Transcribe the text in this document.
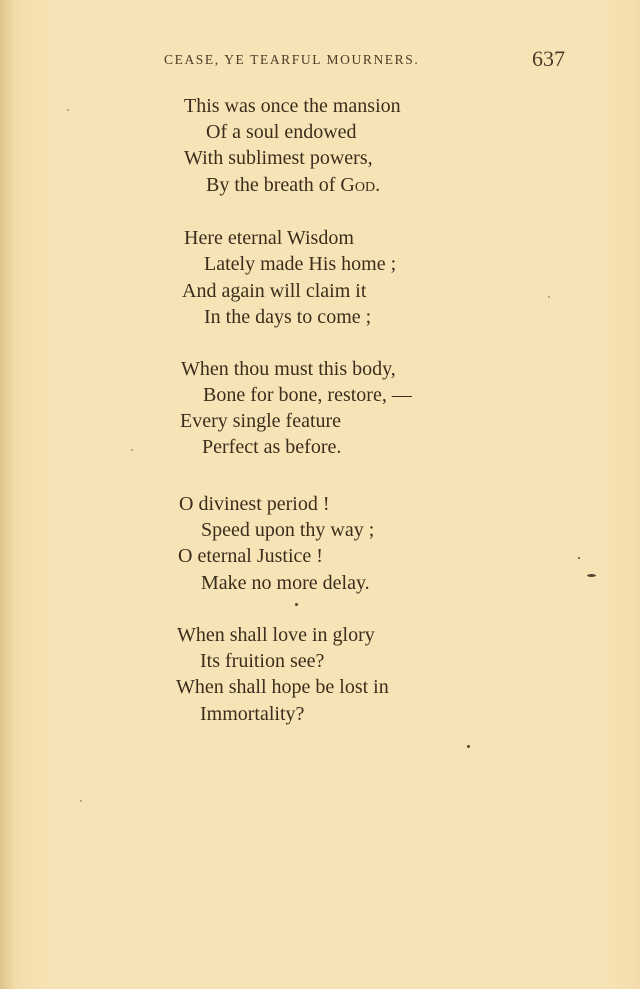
CEASE, YE TEARFUL MOURNERS.	637
This was once the mansion
Of a soul endowed
With sublimest powers,
By the breath of God.
Here eternal Wisdom
Lately made His home ;
And again will claim it
In the days to come ;
When thou must this body,
Bone for bone, restore, —
Every single feature
Perfect as before.
O divinest period !
Speed upon thy way ;
O eternal Justice !
Make no more delay.
When shall love in glory
Its fruition see?
When shall hope be lost in
Immortality?
